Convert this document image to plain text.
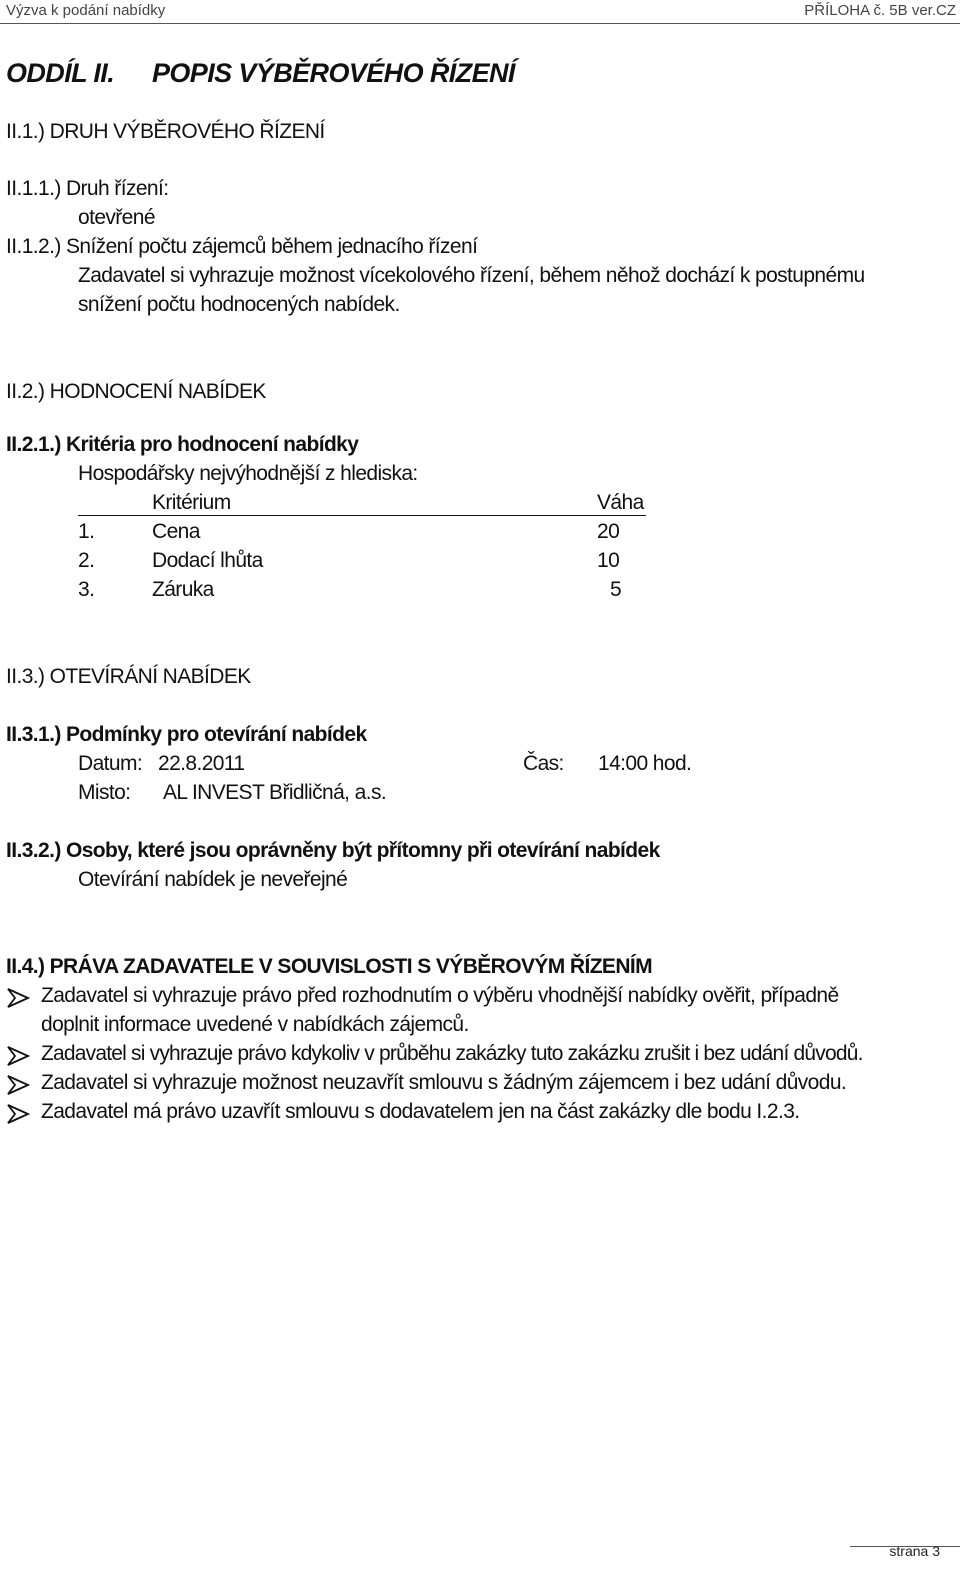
Výzva k podání nabídky	PŘÍLOHA č. 5B ver.CZ
ODDÍL II. POPIS VÝBĚROVÉHO ŘÍZENÍ
II.1.) DRUH VÝBĚROVÉHO ŘÍZENÍ
II.1.1.) Druh řízení:
otevřené
II.1.2.) Snížení počtu zájemců během jednacího řízení
Zadavatel si vyhrazuje možnost vícekolového řízení, během něhož dochází k postupnému
snížení počtu hodnocených nabídek.
II.2.) HODNOCENÍ NABÍDEK
II.2.1.) Kritéria pro hodnocení nabídky
Hospodářsky nejvýhodnější z hlediska:
Kritérium	Váha
1.	Cena	20
2.	Dodací lhůta	10
3.	Záruka	5
II.3.) OTEVÍRÁNÍ NABÍDEK
II.3.1.) Podmínky pro otevírání nabídek
Datum: 22.8.2011	Čas: 14:00 hod.
Misto: AL INVEST Břidličná, a.s.
II.3.2.) Osoby, které jsou oprávněny být přítomny při otevírání nabídek
Otevírání nabídek je neveřejné
II.4.) PRÁVA ZADAVATELE V SOUVISLOSTI S VÝBĚROVÝM ŘÍZENÍM
Zadavatel si vyhrazuje právo před rozhodnutím o výběru vhodnější nabídky ověřit, případně
doplnit informace uvedené v nabídkách zájemců.
Zadavatel si vyhrazuje právo kdykoliv v průběhu zakázky tuto zakázku zrušit i bez udání důvodů.
Zadavatel si vyhrazuje možnost neuzavřít smlouvu s žádným zájemcem i bez udání důvodu.
Zadavatel má právo uzavřít smlouvu s dodavatelem jen na část zakázky dle bodu I.2.3.
strana 3
